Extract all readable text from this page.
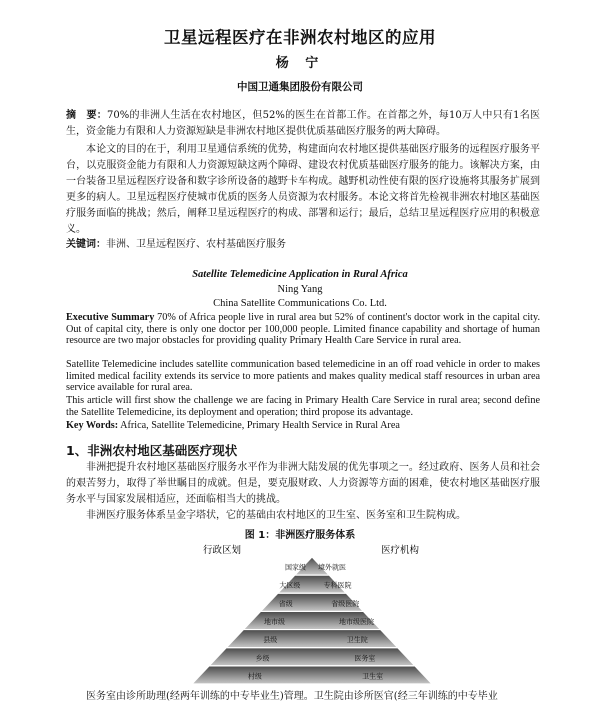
卫星远程医疗在非洲农村地区的应用
杨 宁
中国卫通集团股份有限公司

摘　要：70%的非洲人生活在农村地区，但52%的医生在首都工作。在首都之外，每10万人中只有1名医生，资金能力有限和人力资源短缺是非洲农村地区提供优质基础医疗服务的两大障碍。

本论文的目的在于，利用卫星通信系统的优势，构建面向农村地区提供基础医疗服务的远程医疗服务平台，以克服资金能力有限和人力资源短缺这两个障碍、建设农村优质基础医疗服务的能力。该解决方案，由一台装备卫星远程医疗设备和数字诊所设备的越野卡车构成。越野机动性使有限的医疗设施将其服务扩展到更多的病人。卫星远程医疗使城市优质的医务人员资源为农村服务。本论文将首先检视非洲农村地区基础医疗服务面临的挑战；然后，阐释卫星远程医疗的构成、部署和运行；最后，总结卫星远程医疗应用的积极意义。

关键词：非洲、卫星远程医疗、农村基础医疗服务

Satellite Telemedicine Application in Rural Africa
Ning Yang
China Satellite Communications Co. Ltd.

Executive Summary 70% of Africa people live in rural area but 52% of continent's doctor work in the capital city. Out of capital city, there is only one doctor per 100,000 people. Limited finance capability and shortage of human resource are two major obstacles for providing quality Primary Health Care Service in rural area.

Satellite Telemedicine includes satellite communication based telemedicine in an off road vehicle in order to makes limited medical facility extends its service to more patients and makes quality medical staff resources in urban area service available for rural area.

This article will first show the challenge we are facing in Primary Health Care Service in rural area; second define the Satellite Telemedicine, its deployment and operation; third propose its advantage.

Key Words: Africa, Satellite Telemedicine, Primary Health Service in Rural Area

1、非洲农村地区基础医疗现状

非洲把提升农村地区基础医疗服务水平作为非洲大陆发展的优先事项之一。经过政府、医务人员和社会的艰苦努力，取得了举世瞩目的成就。但是，要克服财政、人力资源等方面的困难，使农村地区基础医疗服务水平与国家发展相适应，还面临相当大的挑战。

非洲医疗服务体系呈金字塔状，它的基础由农村地区的卫生室、医务室和卫生院构成。

图 1：非洲医疗服务体系
行政区划	医疗机构
国家级
大区级
省级
地市级
县级
乡级
村级
境外就医
专科医院
省级医院
地市级医院
卫生院
医务室
卫生室

医务室由诊所助理(经两年训练的中专毕业生)管理。卫生院由诊所医官(经三年训练的中专毕业
